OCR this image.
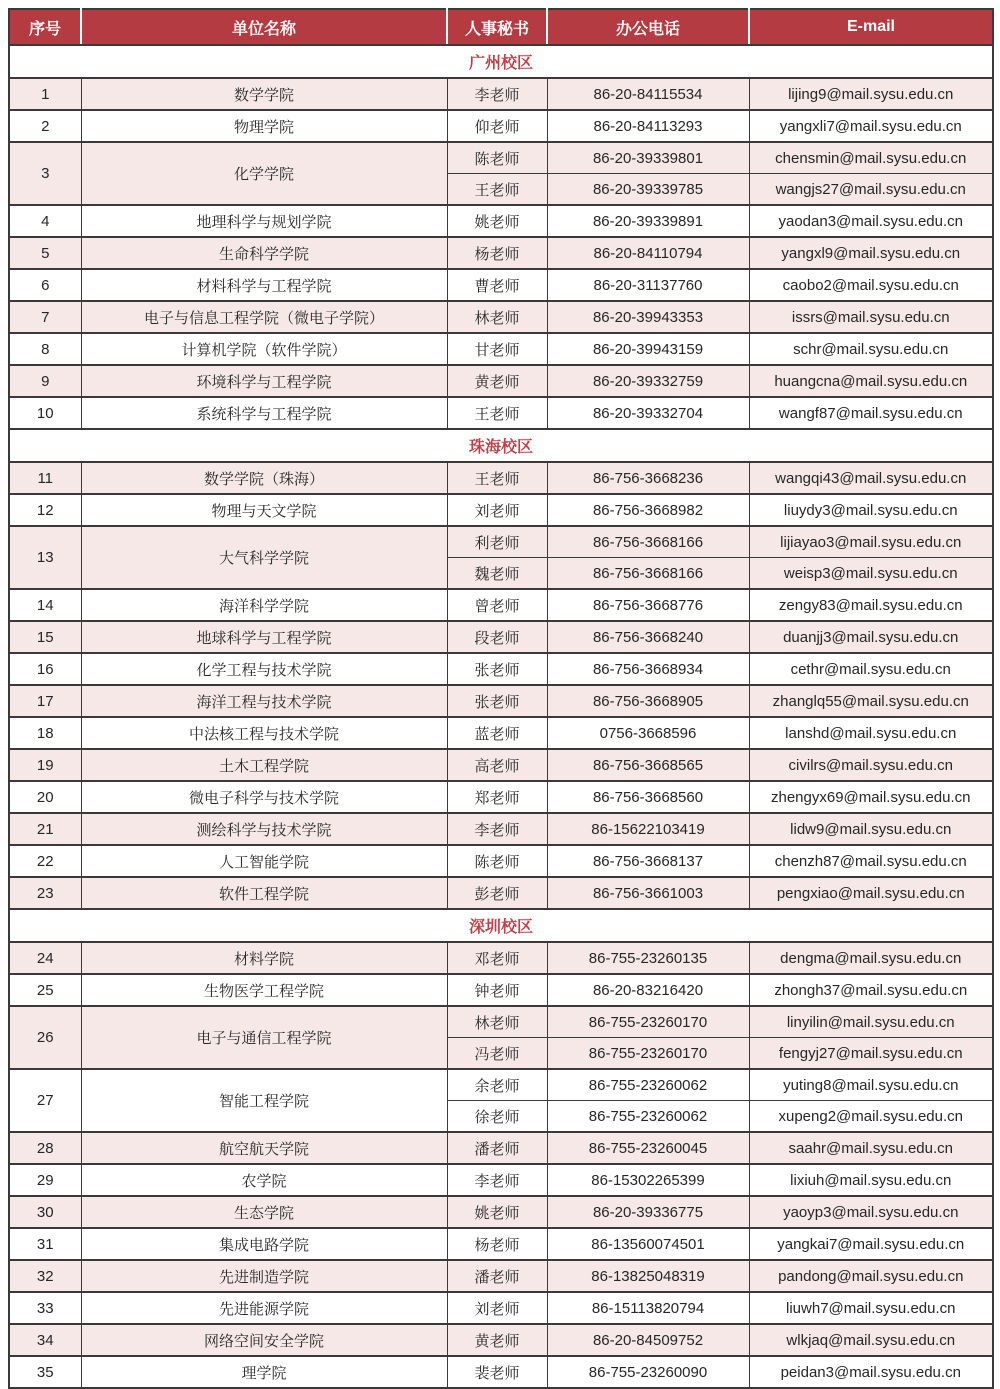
序号	单位名称	人事秘书	办公电话	E-mail
广州校区				
1	数学学院	李老师	86-20-84115534	lijing9@mail.sysu.edu.cn
2	物理学院	仰老师	86-20-84113293	yangxli7@mail.sysu.edu.cn
3	化学学院	陈老师	86-20-39339801	chensmin@mail.sysu.edu.cn
		王老师	86-20-39339785	wangjs27@mail.sysu.edu.cn
4	地理科学与规划学院	姚老师	86-20-39339891	yaodan3@mail.sysu.edu.cn
5	生命科学学院	杨老师	86-20-84110794	yangxl9@mail.sysu.edu.cn
6	材料科学与工程学院	曹老师	86-20-31137760	caobo2@mail.sysu.edu.cn
7	电子与信息工程学院（微电子学院）	林老师	86-20-39943353	issrs@mail.sysu.edu.cn
8	计算机学院（软件学院）	甘老师	86-20-39943159	schr@mail.sysu.edu.cn
9	环境科学与工程学院	黄老师	86-20-39332759	huangcna@mail.sysu.edu.cn
10	系统科学与工程学院	王老师	86-20-39332704	wangf87@mail.sysu.edu.cn
珠海校区				
11	数学学院（珠海）	王老师	86-756-3668236	wangqi43@mail.sysu.edu.cn
12	物理与天文学院	刘老师	86-756-3668982	liuydy3@mail.sysu.edu.cn
13	大气科学学院	利老师	86-756-3668166	lijiayao3@mail.sysu.edu.cn
		魏老师	86-756-3668166	weisp3@mail.sysu.edu.cn
14	海洋科学学院	曾老师	86-756-3668776	zengy83@mail.sysu.edu.cn
15	地球科学与工程学院	段老师	86-756-3668240	duanjj3@mail.sysu.edu.cn
16	化学工程与技术学院	张老师	86-756-3668934	cethr@mail.sysu.edu.cn
17	海洋工程与技术学院	张老师	86-756-3668905	zhanglq55@mail.sysu.edu.cn
18	中法核工程与技术学院	蓝老师	0756-3668596	lanshd@mail.sysu.edu.cn
19	土木工程学院	高老师	86-756-3668565	civilrs@mail.sysu.edu.cn
20	微电子科学与技术学院	郑老师	86-756-3668560	zhengyx69@mail.sysu.edu.cn
21	测绘科学与技术学院	李老师	86-15622103419	lidw9@mail.sysu.edu.cn
22	人工智能学院	陈老师	86-756-3668137	chenzh87@mail.sysu.edu.cn
23	软件工程学院	彭老师	86-756-3661003	pengxiao@mail.sysu.edu.cn
深圳校区				
24	材料学院	邓老师	86-755-23260135	dengma@mail.sysu.edu.cn
25	生物医学工程学院	钟老师	86-20-83216420	zhongh37@mail.sysu.edu.cn
26	电子与通信工程学院	林老师	86-755-23260170	linyilin@mail.sysu.edu.cn
		冯老师	86-755-23260170	fengyj27@mail.sysu.edu.cn
27	智能工程学院	余老师	86-755-23260062	yuting8@mail.sysu.edu.cn
		徐老师	86-755-23260062	xupeng2@mail.sysu.edu.cn
28	航空航天学院	潘老师	86-755-23260045	saahr@mail.sysu.edu.cn
29	农学院	李老师	86-15302265399	lixiuh@mail.sysu.edu.cn
30	生态学院	姚老师	86-20-39336775	yaoyp3@mail.sysu.edu.cn
31	集成电路学院	杨老师	86-13560074501	yangkai7@mail.sysu.edu.cn
32	先进制造学院	潘老师	86-13825048319	pandong@mail.sysu.edu.cn
33	先进能源学院	刘老师	86-15113820794	liuwh7@mail.sysu.edu.cn
34	网络空间安全学院	黄老师	86-20-84509752	wlkjaq@mail.sysu.edu.cn
35	理学院	裴老师	86-755-23260090	peidan3@mail.sysu.edu.cn
